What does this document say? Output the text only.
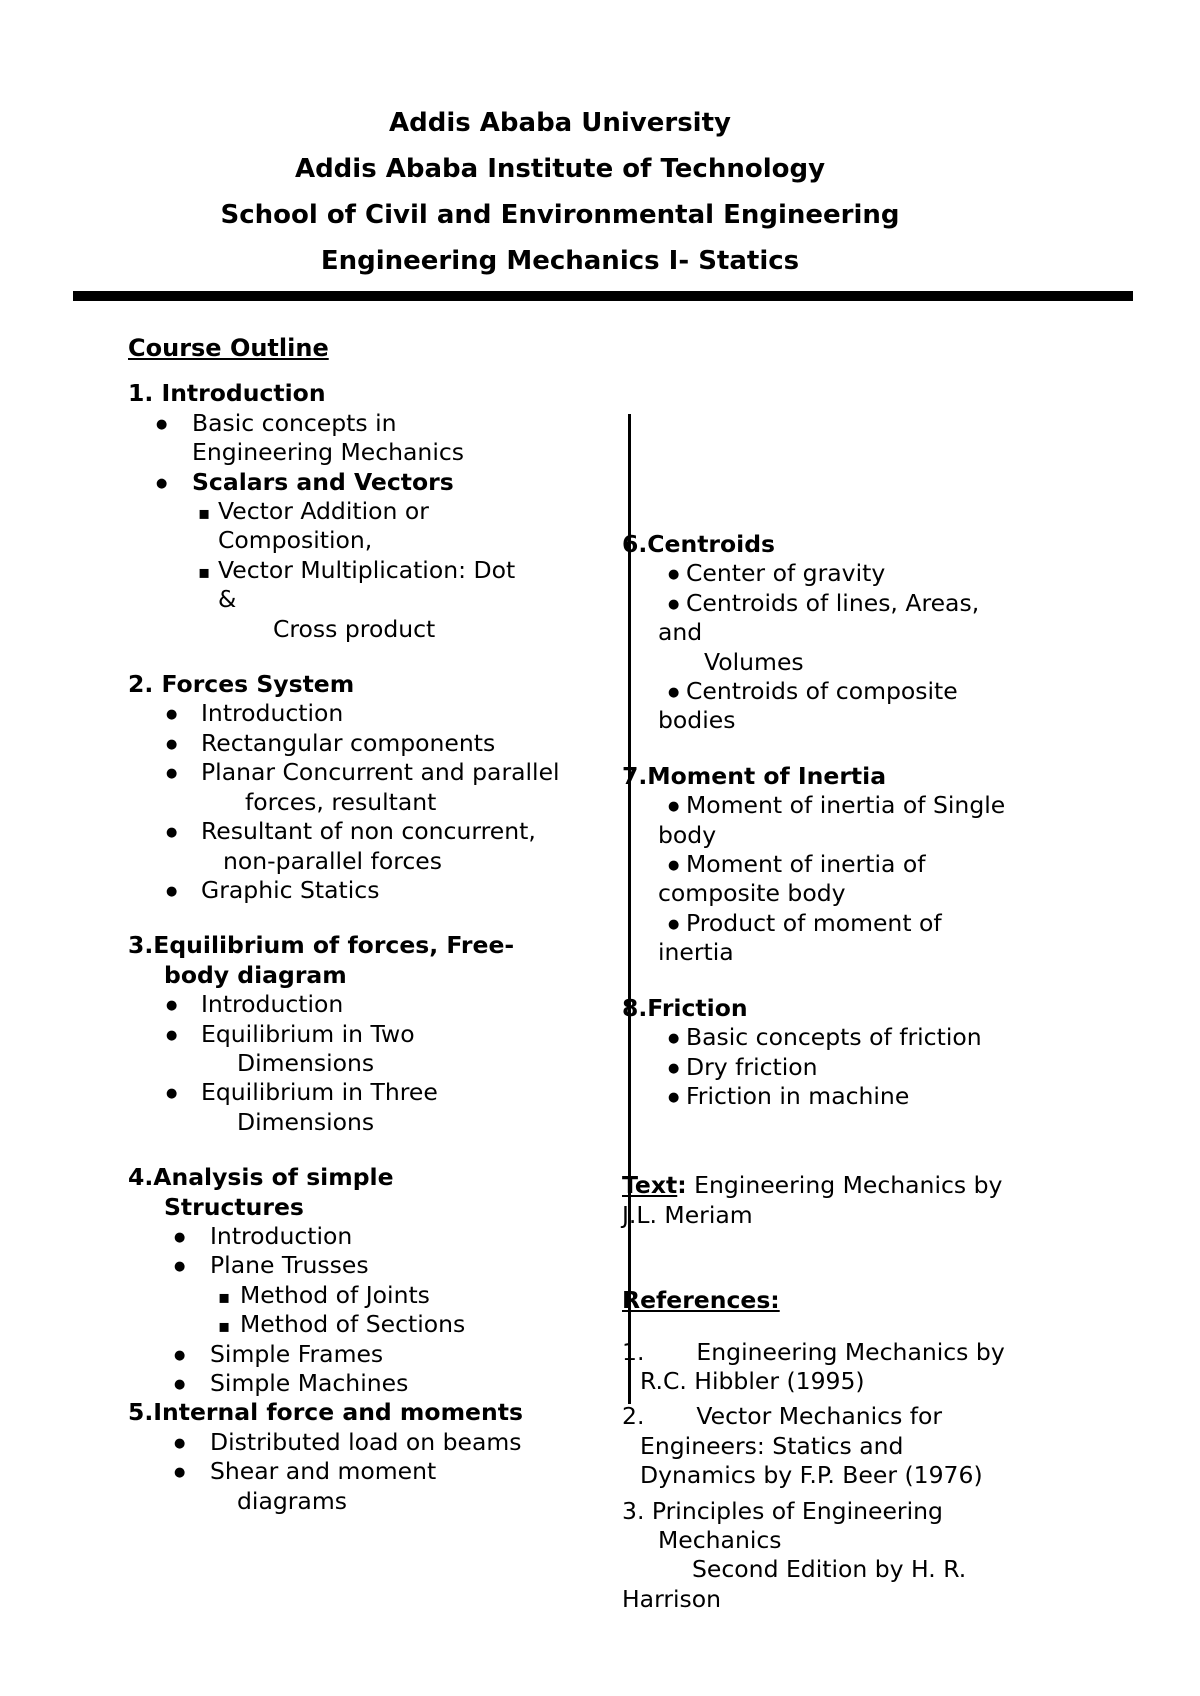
Addis Ababa University
Addis Ababa Institute of Technology
School of Civil and Environmental Engineering
Engineering Mechanics I- Statics
Course Outline
1. Introduction
●
Basic concepts in
Engineering Mechanics
●
Scalars and Vectors
▪
Vector Addition or
Composition,
▪
Vector Multiplication: Dot
&
Cross product
2. Forces System
●
Introduction
●
Rectangular components
●
Planar Concurrent and parallel
forces, resultant
●
Resultant of non concurrent,
non-parallel forces
●
Graphic Statics
3.Equilibrium of forces, Free-
body diagram
●
Introduction
●
Equilibrium in Two
Dimensions
●
Equilibrium in Three
Dimensions
4.Analysis of simple
Structures
●
Introduction
●
Plane Trusses
▪
Method of Joints
▪
Method of Sections
●
Simple Frames
●
Simple Machines
5.Internal force and moments
●
Distributed load on beams
●
Shear and moment
diagrams
6.Centroids
●
Center of gravity
●
Centroids of lines, Areas,
and
Volumes
●
Centroids of composite
bodies
7.Moment of Inertia
●
Moment of inertia of Single
body
●
Moment of inertia of
composite body
●
Product of moment of
inertia
8.Friction
●
Basic concepts of friction
●
Dry friction
●
Friction in machine
Text: Engineering Mechanics by
J.L. Meriam
References:
1. Engineering Mechanics by
R.C. Hibbler (1995)
2. Vector Mechanics for
Engineers: Statics and
Dynamics by F.P. Beer (1976)
3. Principles of Engineering
Mechanics
Second Edition by H. R.
Harrison
